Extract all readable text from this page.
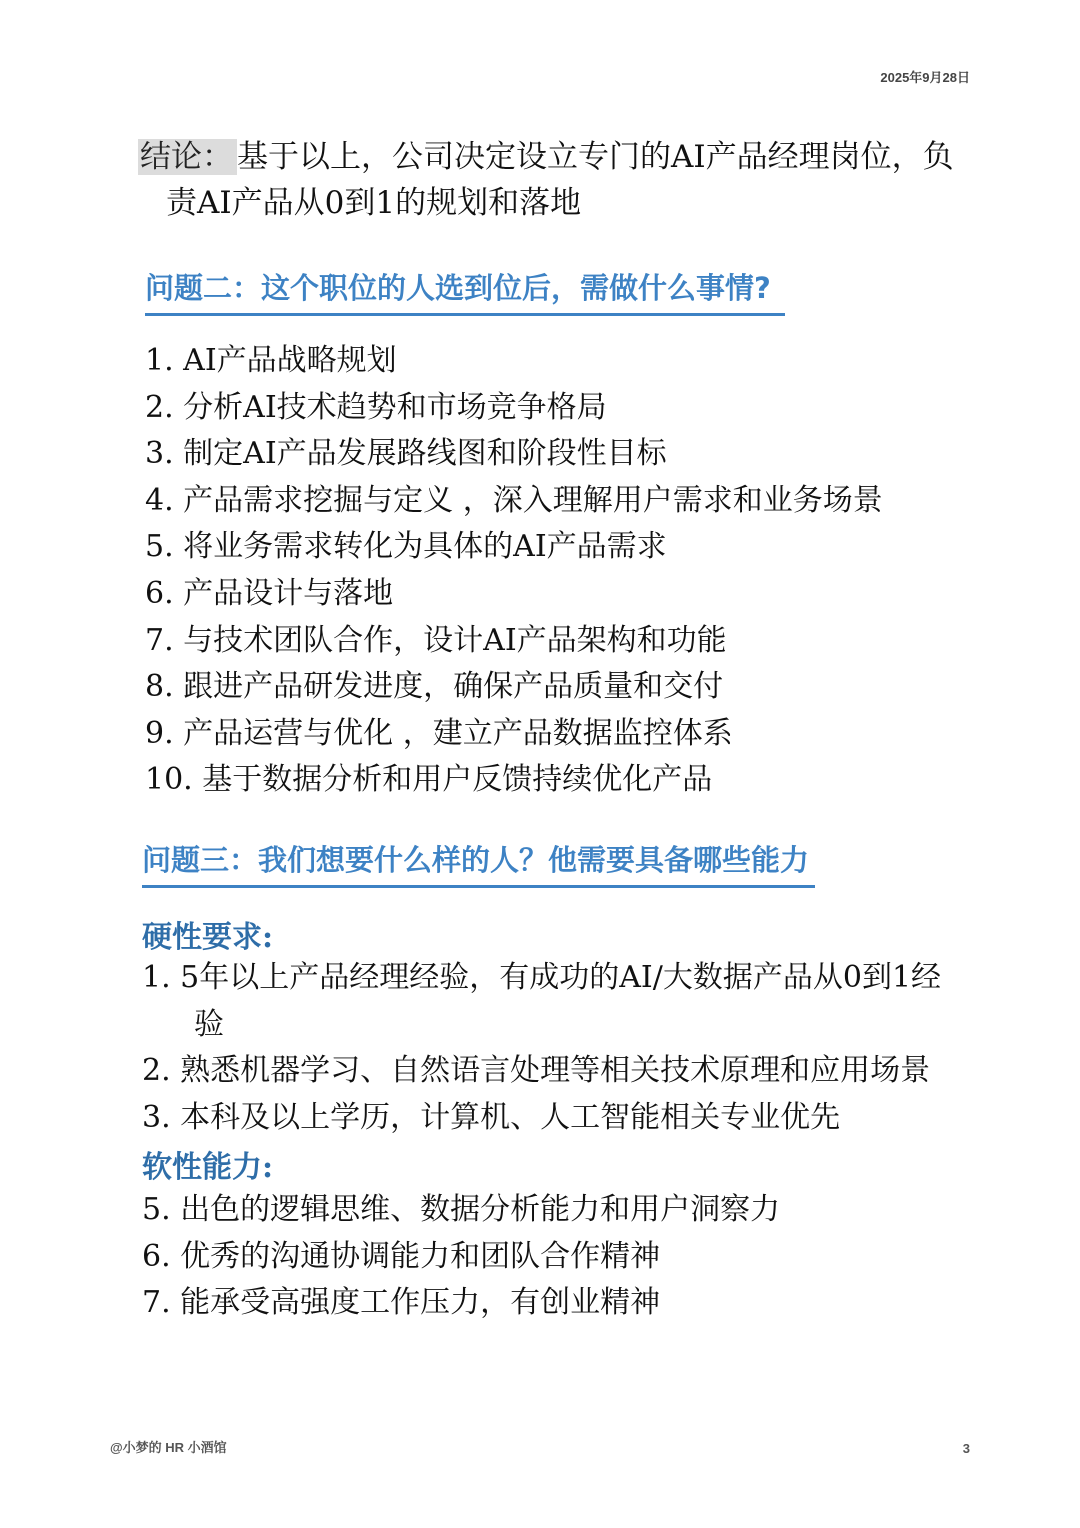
2025年9月28日
结论： 基于以上，公司决定设立专门的AI产品经理岗位，负
责AI产品从0到1的规划和落地
问题二：这个职位的人选到位后，需做什么事情?
1. AI产品战略规划
2. 分析AI技术趋势和市场竞争格局
3. 制定AI产品发展路线图和阶段性目标
4. 产品需求挖掘与定义 ，深入理解用户需求和业务场景
5. 将业务需求转化为具体的AI产品需求
6. 产品设计与落地
7. 与技术团队合作，设计AI产品架构和功能
8. 跟进产品研发进度，确保产品质量和交付
9. 产品运营与优化 ，建立产品数据监控体系
10. 基于数据分析和用户反馈持续优化产品
问题三：我们想要什么样的人？他需要具备哪些能力
硬性要求:
1. 5年以上产品经理经验，有成功的AI/大数据产品从0到1经
验
2. 熟悉机器学习、自然语言处理等相关技术原理和应用场景
3. 本科及以上学历，计算机、人工智能相关专业优先
软性能力:
5. 出色的逻辑思维、数据分析能力和用户洞察力
6. 优秀的沟通协调能力和团队合作精神
7. 能承受高强度工作压力，有创业精神
@小梦的 HR 小酒馆	3
